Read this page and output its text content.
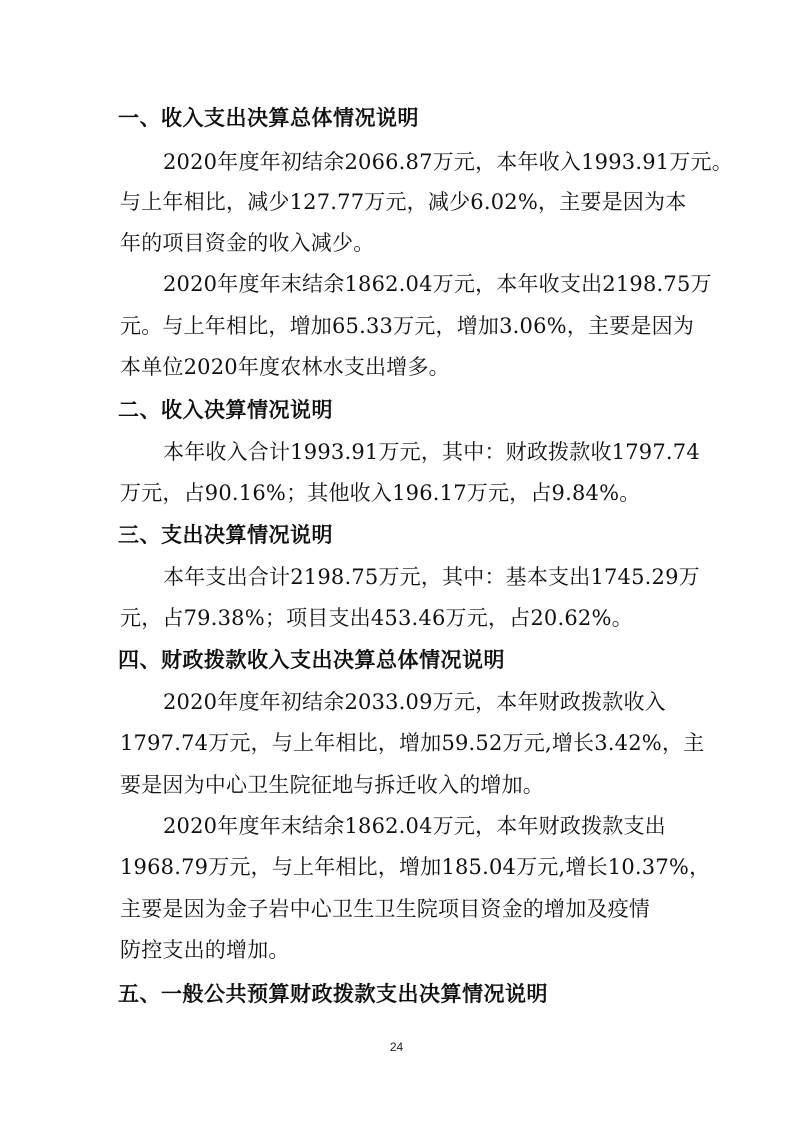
一、收入支出决算总体情况说明
2020年度年初结余2066.87万元，本年收入1993.91万元。
与上年相比，减少127.77万元，减少6.02%，主要是因为本
年的项目资金的收入减少。
2020年度年末结余1862.04万元，本年收支出2198.75万
元。与上年相比，增加65.33万元，增加3.06%，主要是因为
本单位2020年度农林水支出增多。
二、收入决算情况说明
本年收入合计1993.91万元，其中：财政拨款收1797.74
万元，占90.16%；其他收入196.17万元，占9.84%。
三、支出决算情况说明
本年支出合计2198.75万元，其中：基本支出1745.29万
元，占79.38%；项目支出453.46万元，占20.62%。
四、财政拨款收入支出决算总体情况说明
2020年度年初结余2033.09万元，本年财政拨款收入
1797.74万元，与上年相比，增加59.52万元,增长3.42%，主
要是因为中心卫生院征地与拆迁收入的增加。
2020年度年末结余1862.04万元，本年财政拨款支出
1968.79万元，与上年相比，增加185.04万元,增长10.37%，
主要是因为金子岩中心卫生卫生院项目资金的增加及疫情
防控支出的增加。
五、一般公共预算财政拨款支出决算情况说明
24
